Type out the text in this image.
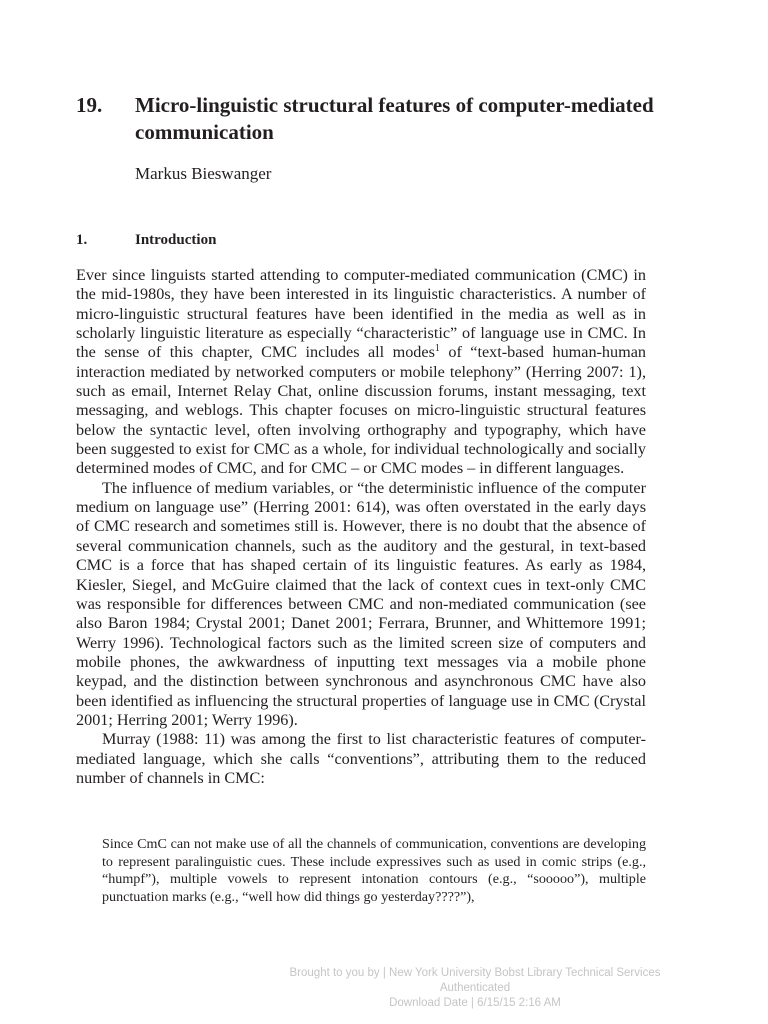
19. Micro-linguistic structural features of computer-mediated communication
Markus Bieswanger
1.	Introduction

Ever since linguists started attending to computer-mediated communication (CMC) in the mid-1980s, they have been interested in its linguistic characteristics. A number of micro-linguistic structural features have been identified in the media as well as in scholarly linguistic literature as especially “characteristic” of language use in CMC. In the sense of this chapter, CMC includes all modes$^1$ of “text-based human-human interaction mediated by networked computers or mobile telephony” (Herring 2007: 1), such as email, Internet Relay Chat, online discussion forums, instant messaging, text messaging, and weblogs. This chapter focuses on micro-linguistic structural features below the syntactic level, often involving orthography and typography, which have been suggested to exist for CMC as a whole, for individual technologically and socially determined modes of CMC, and for CMC – or CMC modes – in different languages.

The influence of medium variables, or “the deterministic influence of the computer medium on language use” (Herring 2001: 614), was often overstated in the early days of CMC research and sometimes still is. However, there is no doubt that the absence of several communication channels, such as the auditory and the gestural, in text-based CMC is a force that has shaped certain of its linguistic features. As early as 1984, Kiesler, Siegel, and McGuire claimed that the lack of context cues in text-only CMC was responsible for differences between CMC and non-mediated communication (see also Baron 1984; Crystal 2001; Danet 2001; Ferrara, Brunner, and Whittemore 1991; Werry 1996). Technological factors such as the limited screen size of computers and mobile phones, the awkwardness of inputting text messages via a mobile phone keypad, and the distinction between synchronous and asynchronous CMC have also been identified as influencing the structural properties of language use in CMC (Crystal 2001; Herring 2001; Werry 1996).

Murray (1988: 11) was among the first to list characteristic features of computer-mediated language, which she calls “conventions”, attributing them to the reduced number of channels in CMC:

Since CmC can not make use of all the channels of communication, conventions are developing to represent paralinguistic cues. These include expressives such as used in comic strips (e.g., “humpf”), multiple vowels to represent intonation contours (e.g., “sooooo”), multiple punctuation marks (e.g., “well how did things go yesterday????”),

Brought to you by | New York University Bobst Library Technical Services
Authenticated
Download Date | 6/15/15 2:16 AM
